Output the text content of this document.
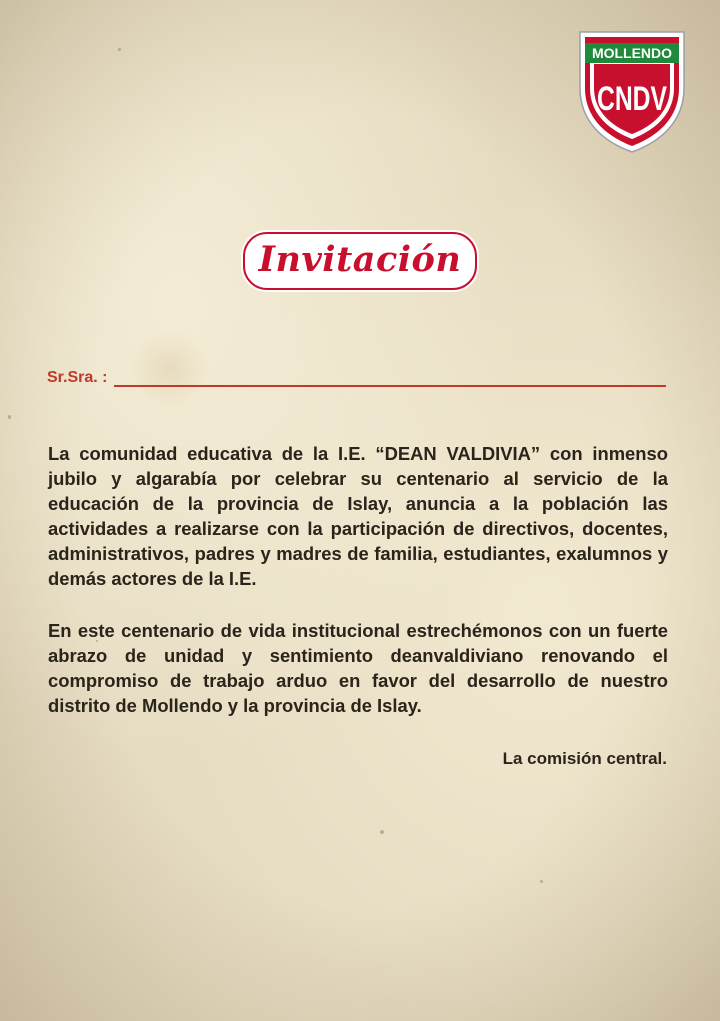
MOLLENDO
CNDV
Invitación
Sr.Sra. :

La comunidad educativa de la I.E. “DEAN VALDIVIA” con inmenso jubilo y algarabía por celebrar su centenario al servicio de la educación de la provincia de Islay, anuncia a la población las actividades a realizarse con la participación de directivos, docentes, administrativos, padres y madres de familia, estudiantes, exalumnos y demás actores de la I.E.

En este centenario de vida institucional estrechémonos con un fuerte abrazo de unidad y sentimiento deanvaldiviano renovando el compromiso de trabajo arduo en favor del desarrollo de nuestro distrito de Mollendo y la provincia de Islay.

La comisión central.
